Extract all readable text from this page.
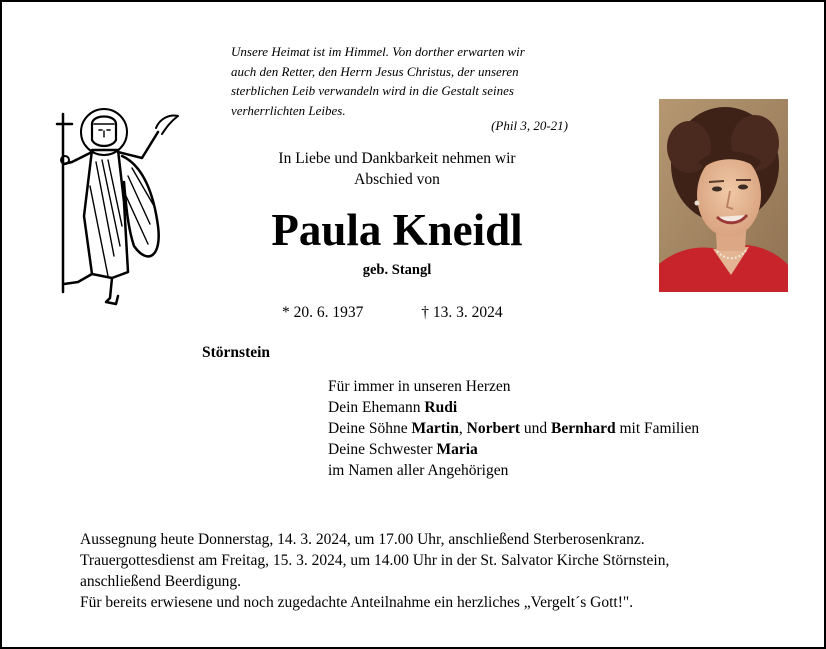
Unsere Heimat ist im Himmel. Von dorther erwarten wir
auch den Retter, den Herrn Jesus Christus, der unseren
sterblichen Leib verwandeln wird in die Gestalt seines
verherrlichten Leibes.
(Phil 3, 20-21)
In Liebe und Dankbarkeit nehmen wir
Abschied von
Paula Kneidl
geb. Stangl
* 20. 6. 1937	† 13. 3. 2024
Störnstein
Für immer in unseren Herzen
Dein Ehemann Rudi
Deine Söhne Martin, Norbert und Bernhard mit Familien
Deine Schwester Maria
im Namen aller Angehörigen
Aussegnung heute Donnerstag, 14. 3. 2024, um 17.00 Uhr, anschließend Sterberosenkranz.
Trauergottesdienst am Freitag, 15. 3. 2024, um 14.00 Uhr in der St. Salvator Kirche Störnstein,
anschließend Beerdigung.
Für bereits erwiesene und noch zugedachte Anteilnahme ein herzliches „Vergelt´s Gott!".
